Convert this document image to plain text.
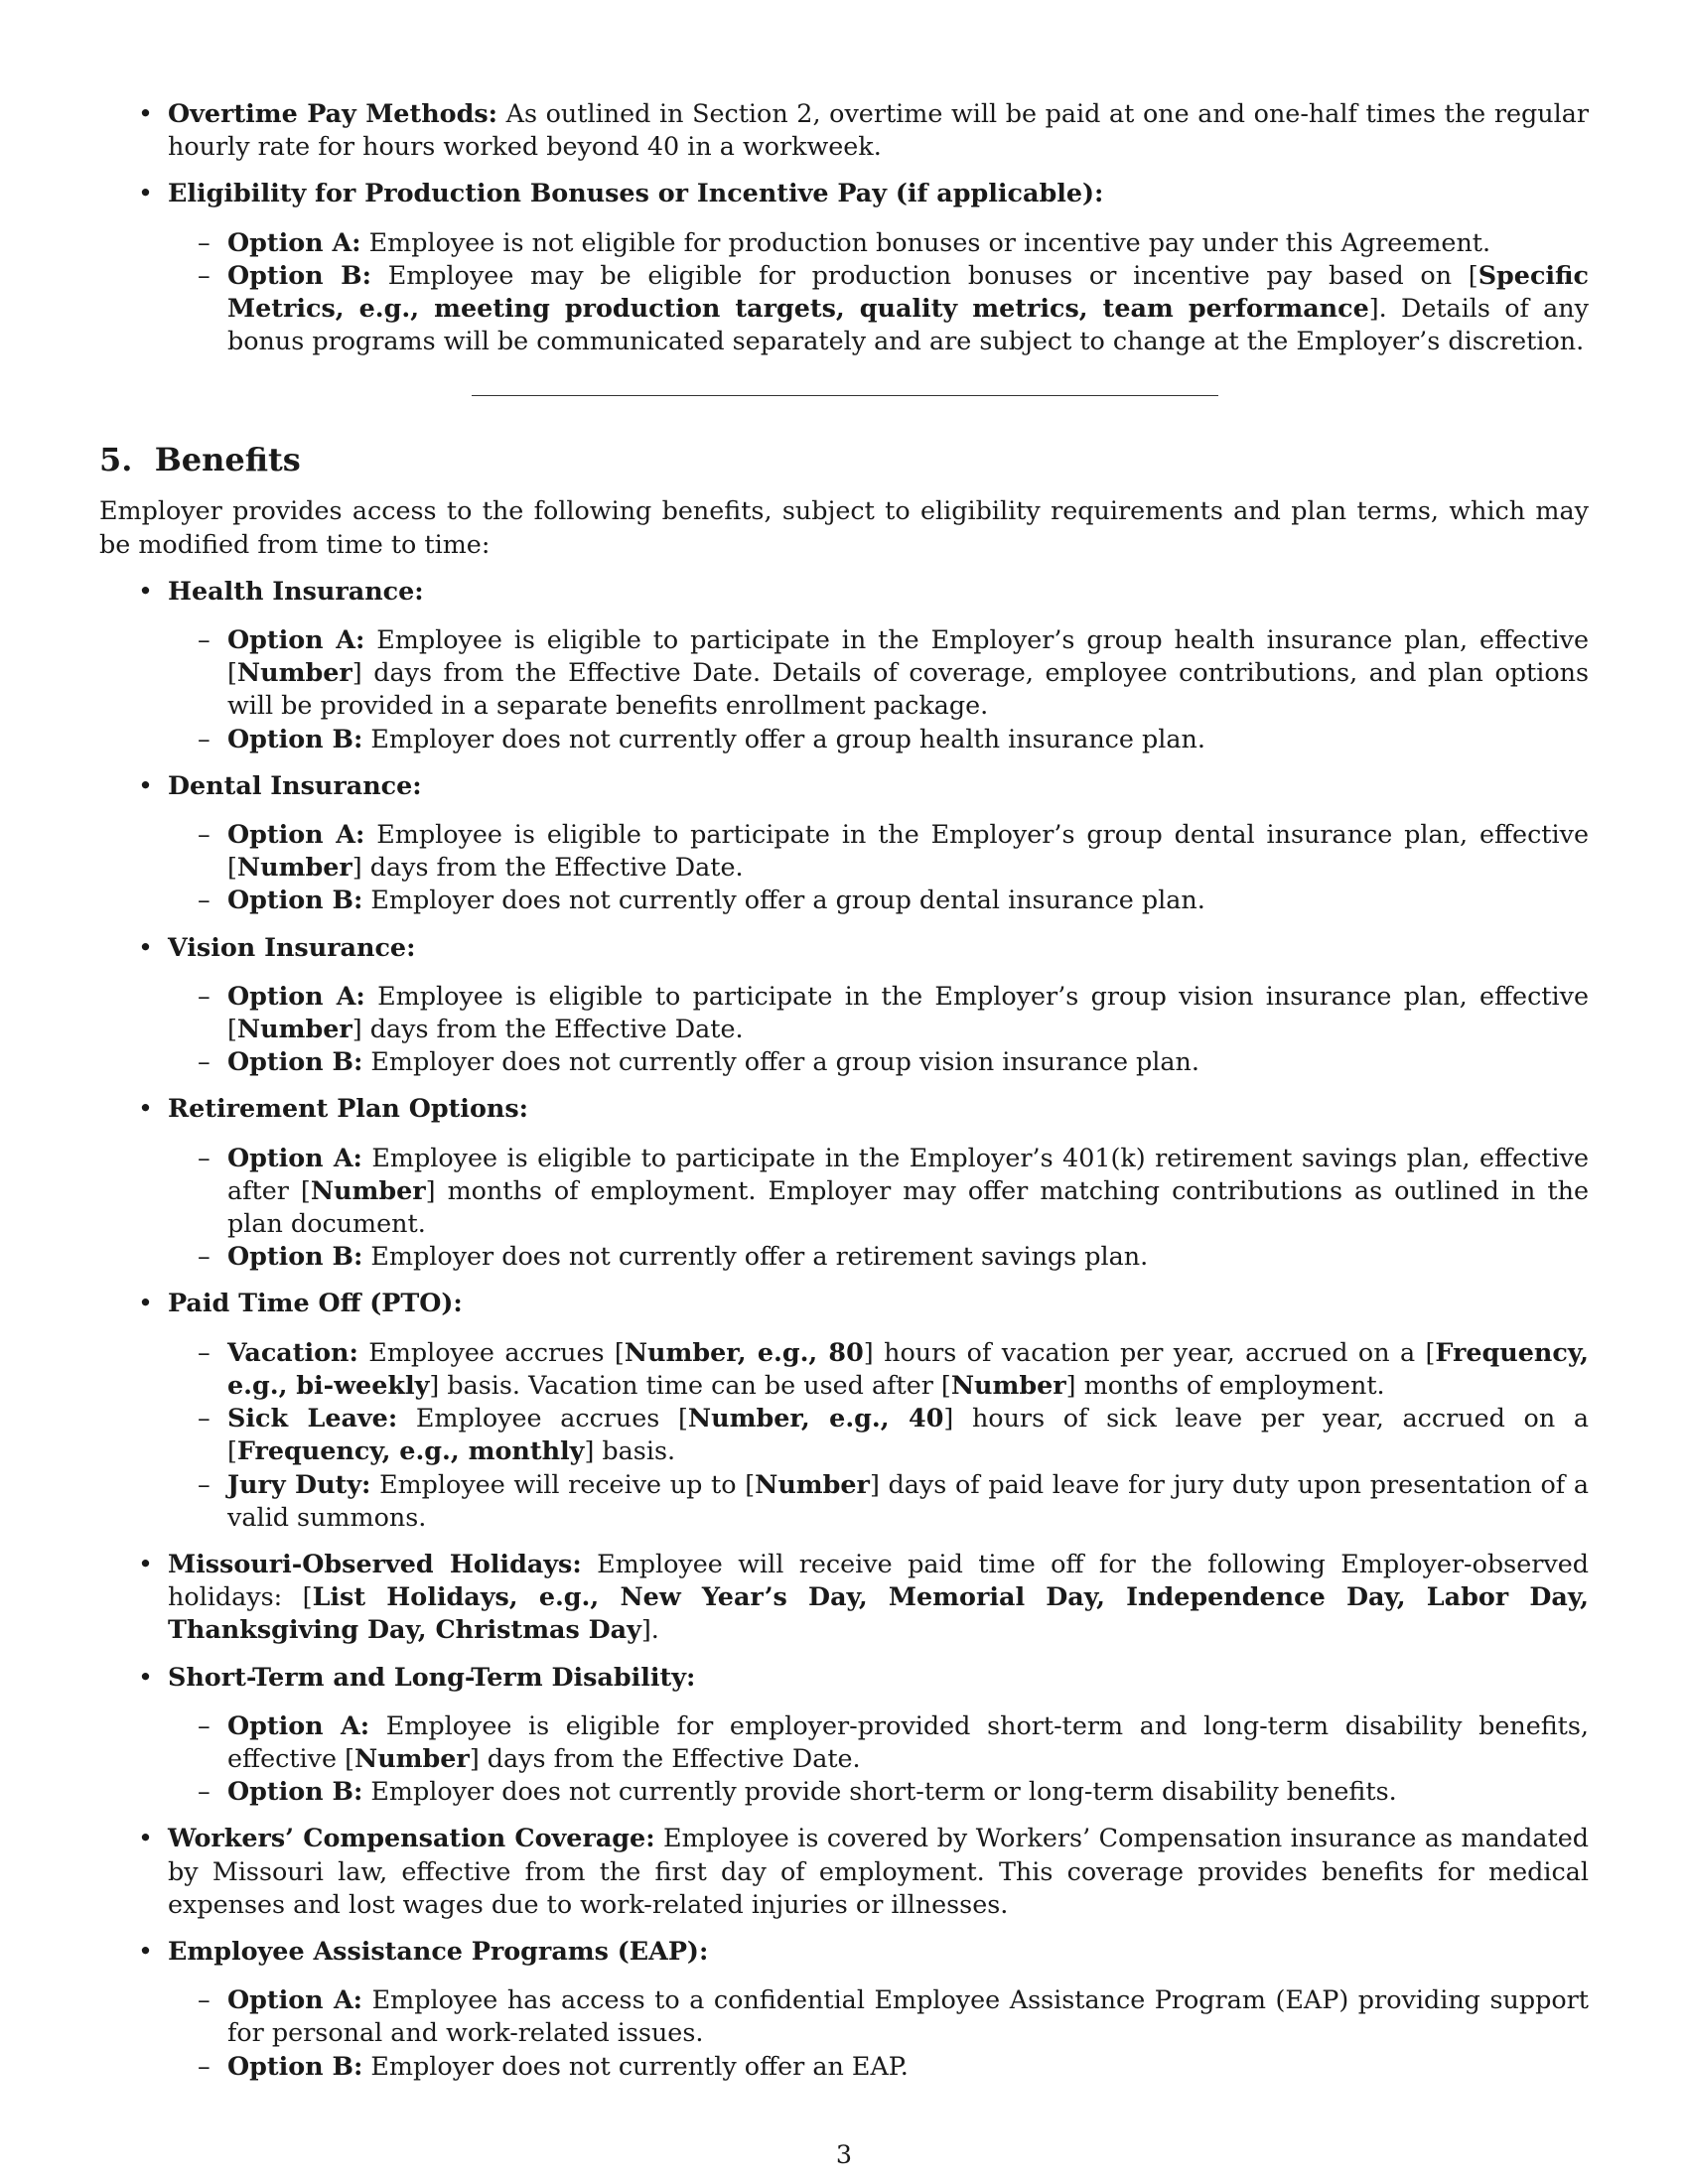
• Overtime Pay Methods: As outlined in Section 2, overtime will be paid at one and one-half times the regular hourly rate for hours worked beyond 40 in a workweek.
• Eligibility for Production Bonuses or Incentive Pay (if applicable):
– Option A: Employee is not eligible for production bonuses or incentive pay under this Agreement.
– Option B: Employee may be eligible for production bonuses or incentive pay based on [Specific Metrics, e.g., meeting production targets, quality metrics, team performance]. Details of any bonus programs will be communicated separately and are subject to change at the Employer’s discretion.
5. Benefits

Employer provides access to the following benefits, subject to eligibility requirements and plan terms, which may be modified from time to time:

• Health Insurance:
– Option A: Employee is eligible to participate in the Employer’s group health insurance plan, effective [Number] days from the Effective Date. Details of coverage, employee contributions, and plan options will be provided in a separate benefits enrollment package.
– Option B: Employer does not currently offer a group health insurance plan.
• Dental Insurance:
– Option A: Employee is eligible to participate in the Employer’s group dental insurance plan, effective [Number] days from the Effective Date.
– Option B: Employer does not currently offer a group dental insurance plan.
• Vision Insurance:
– Option A: Employee is eligible to participate in the Employer’s group vision insurance plan, effective [Number] days from the Effective Date.
– Option B: Employer does not currently offer a group vision insurance plan.
• Retirement Plan Options:
– Option A: Employee is eligible to participate in the Employer’s 401(k) retirement savings plan, effective after [Number] months of employment. Employer may offer matching contributions as outlined in the plan document.
– Option B: Employer does not currently offer a retirement savings plan.
• Paid Time Off (PTO):
– Vacation: Employee accrues [Number, e.g., 80] hours of vacation per year, accrued on a [Frequency, e.g., bi-weekly] basis. Vacation time can be used after [Number] months of employment.
– Sick Leave: Employee accrues [Number, e.g., 40] hours of sick leave per year, accrued on a [Frequency, e.g., monthly] basis.
– Jury Duty: Employee will receive up to [Number] days of paid leave for jury duty upon presentation of a valid summons.
• Missouri-Observed Holidays: Employee will receive paid time off for the following Employer-observed holidays: [List Holidays, e.g., New Year’s Day, Memorial Day, Independence Day, Labor Day, Thanksgiving Day, Christmas Day].
• Short-Term and Long-Term Disability:
– Option A: Employee is eligible for employer-provided short-term and long-term disability benefits, effective [Number] days from the Effective Date.
– Option B: Employer does not currently provide short-term or long-term disability benefits.
• Workers’ Compensation Coverage: Employee is covered by Workers’ Compensation insurance as mandated by Missouri law, effective from the first day of employment. This coverage provides benefits for medical expenses and lost wages due to work-related injuries or illnesses.
• Employee Assistance Programs (EAP):
– Option A: Employee has access to a confidential Employee Assistance Program (EAP) providing support for personal and work-related issues.
– Option B: Employer does not currently offer an EAP.
3
